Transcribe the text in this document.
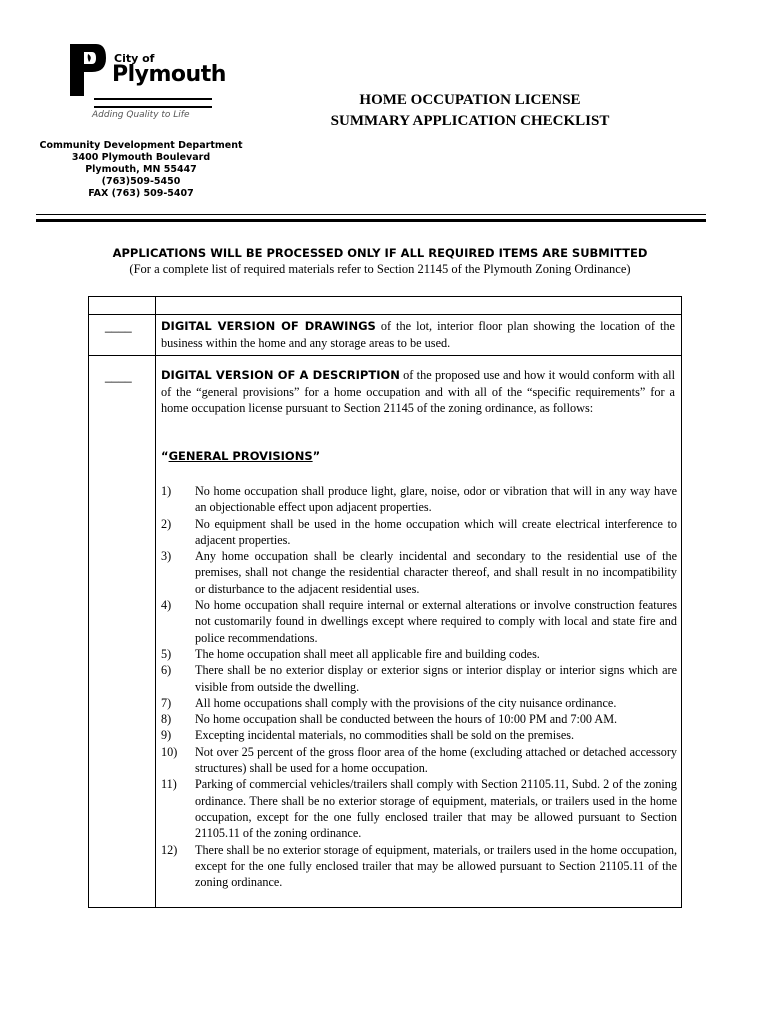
City of
Plymouth
Adding Quality to Life
Community Development Department
3400 Plymouth Boulevard
Plymouth, MN 55447
(763)509-5450
FAX (763) 509-5407
HOME OCCUPATION LICENSE
SUMMARY APPLICATION CHECKLIST
APPLICATIONS WILL BE PROCESSED ONLY IF ALL REQUIRED ITEMS ARE SUBMITTED
(For a complete list of required materials refer to Section 21145 of the Plymouth Zoning Ordinance)
____	DIGITAL VERSION OF DRAWINGS of the lot, interior floor plan showing the location of the business within the home and any storage areas to be used.
____	DIGITAL VERSION OF A DESCRIPTION of the proposed use and how it would conform with all of the “general provisions” for a home occupation and with all of the “specific requirements” for a home occupation license pursuant to Section 21145 of the zoning ordinance, as follows:
“GENERAL PROVISIONS”
1) No home occupation shall produce light, glare, noise, odor or vibration that will in any way have an objectionable effect upon adjacent properties.
2) No equipment shall be used in the home occupation which will create electrical interference to adjacent properties.
3) Any home occupation shall be clearly incidental and secondary to the residential use of the premises, shall not change the residential character thereof, and shall result in no incompatibility or disturbance to the adjacent residential uses.
4) No home occupation shall require internal or external alterations or involve construction features not customarily found in dwellings except where required to comply with local and state fire and police recommendations.
5) The home occupation shall meet all applicable fire and building codes.
6) There shall be no exterior display or exterior signs or interior display or interior signs which are visible from outside the dwelling.
7) All home occupations shall comply with the provisions of the city nuisance ordinance.
8) No home occupation shall be conducted between the hours of 10:00 PM and 7:00 AM.
9) Excepting incidental materials, no commodities shall be sold on the premises.
10) Not over 25 percent of the gross floor area of the home (excluding attached or detached accessory structures) shall be used for a home occupation.
11) Parking of commercial vehicles/trailers shall comply with Section 21105.11, Subd. 2 of the zoning ordinance. There shall be no exterior storage of equipment, materials, or trailers used in the home occupation, except for the one fully enclosed trailer that may be allowed pursuant to Section 21105.11 of the zoning ordinance.
12) There shall be no exterior storage of equipment, materials, or trailers used in the home occupation, except for the one fully enclosed trailer that may be allowed pursuant to Section 21105.11 of the zoning ordinance.
